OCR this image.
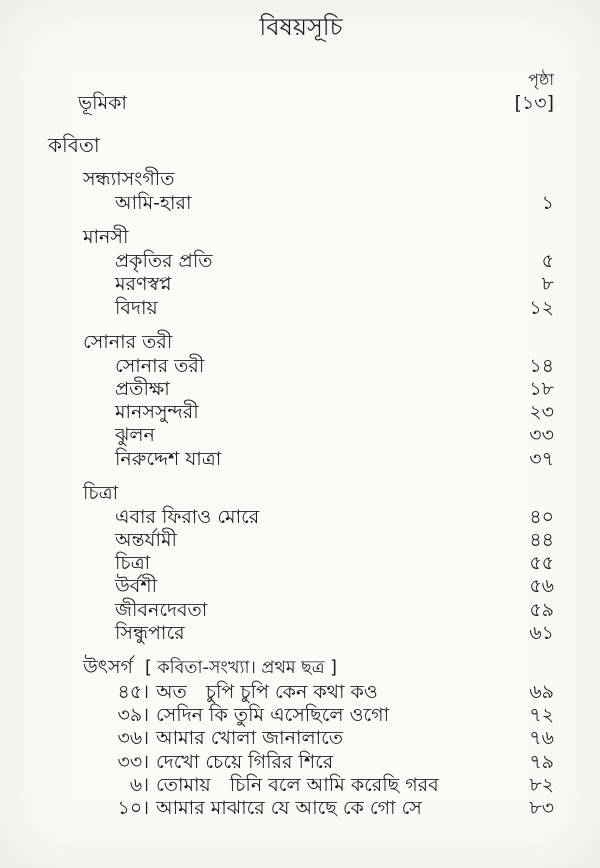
বিষয়সূচি
পৃষ্ঠা
ভূমিকা	[১৩]
কবিতা
সন্ধ্যাসংগীত
আমি-হারা	১
মানসী
প্রকৃতির প্রতি	৫
মরণস্বপ্ন	৮
বিদায়	১২
সোনার তরী
সোনার তরী	১৪
প্রতীক্ষা	১৮
মানসসুন্দরী	২৩
ঝুলন	৩৩
নিরুদ্দেশ যাত্রা	৩৭
চিত্রা
এবার ফিরাও মোরে	৪০
অন্তর্যামী	৪৪
চিত্রা	৫৫
উর্বশী	৫৬
জীবনদেবতা	৫৯
সিন্ধুপারে	৬১
উৎসর্গ [ কবিতা-সংখ্যা। প্রথম ছত্র ]
৪৫। অত চুপি চুপি কেন কথা কও	৬৯
৩৯। সেদিন কি তুমি এসেছিলে ওগো	৭২
৩৬। আমার খোলা জানালাতে	৭৬
৩৩। দেখো চেয়ে গিরির শিরে	৭৯
৬। তোমায় চিনি বলে আমি করেছি গরব	৮২
১০। আমার মাঝারে যে আছে কে গো সে	৮৩
